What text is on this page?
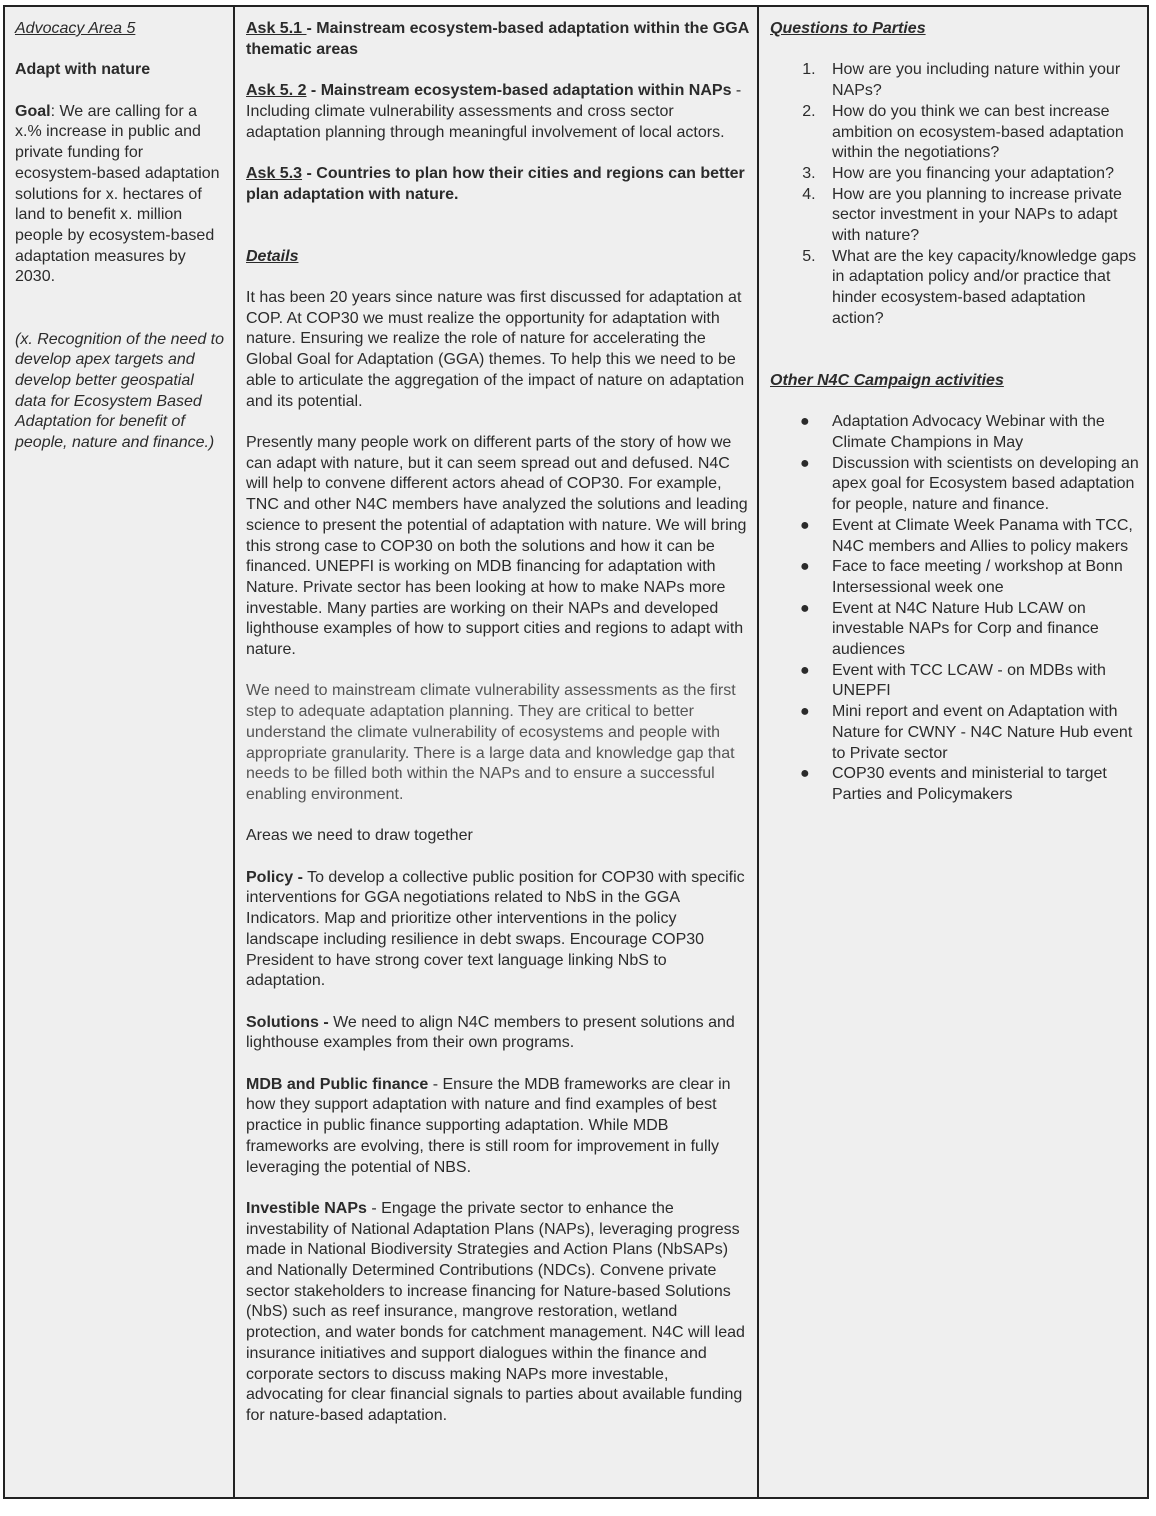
Advocacy Area 5

Adapt with nature

Goal: We are calling for a x.% increase in public and private funding for ecosystem-based adaptation solutions for x. hectares of land to benefit x. million people by ecosystem-based adaptation measures by 2030.

(x. Recognition of the need to develop apex targets and develop better geospatial data for Ecosystem Based Adaptation for benefit of people, nature and finance.)

Ask 5.1 - Mainstream ecosystem-based adaptation within the GGA thematic areas

Ask 5. 2 - Mainstream ecosystem-based adaptation within NAPs - Including climate vulnerability assessments and cross sector adaptation planning through meaningful involvement of local actors.

Ask 5.3 - Countries to plan how their cities and regions can better plan adaptation with nature.

Details

It has been 20 years since nature was first discussed for adaptation at COP. At COP30 we must realize the opportunity for adaptation with nature. Ensuring we realize the role of nature for accelerating the Global Goal for Adaptation (GGA) themes. To help this we need to be able to articulate the aggregation of the impact of nature on adaptation and its potential.

Presently many people work on different parts of the story of how we can adapt with nature, but it can seem spread out and defused. N4C will help to convene different actors ahead of COP30. For example, TNC and other N4C members have analyzed the solutions and leading science to present the potential of adaptation with nature. We will bring this strong case to COP30 on both the solutions and how it can be financed. UNEPFI is working on MDB financing for adaptation with Nature. Private sector has been looking at how to make NAPs more investable. Many parties are working on their NAPs and developed lighthouse examples of how to support cities and regions to adapt with nature.

We need to mainstream climate vulnerability assessments as the first step to adequate adaptation planning. They are critical to better understand the climate vulnerability of ecosystems and people with appropriate granularity. There is a large data and knowledge gap that needs to be filled both within the NAPs and to ensure a successful enabling environment.

Areas we need to draw together

Policy - To develop a collective public position for COP30 with specific interventions for GGA negotiations related to NbS in the GGA Indicators. Map and prioritize other interventions in the policy landscape including resilience in debt swaps. Encourage COP30 President to have strong cover text language linking NbS to adaptation.

Solutions - We need to align N4C members to present solutions and lighthouse examples from their own programs.

MDB and Public finance - Ensure the MDB frameworks are clear in how they support adaptation with nature and find examples of best practice in public finance supporting adaptation. While MDB frameworks are evolving, there is still room for improvement in fully leveraging the potential of NBS.

Investible NAPs - Engage the private sector to enhance the investability of National Adaptation Plans (NAPs), leveraging progress made in National Biodiversity Strategies and Action Plans (NbSAPs) and Nationally Determined Contributions (NDCs). Convene private sector stakeholders to increase financing for Nature-based Solutions (NbS) such as reef insurance, mangrove restoration, wetland protection, and water bonds for catchment management. N4C will lead insurance initiatives and support dialogues within the finance and corporate sectors to discuss making NAPs more investable, advocating for clear financial signals to parties about available funding for nature-based adaptation.

Questions to Parties

1. How are you including nature within your NAPs?
2. How do you think we can best increase ambition on ecosystem-based adaptation within the negotiations?
3. How are you financing your adaptation?
4. How are you planning to increase private sector investment in your NAPs to adapt with nature?
5. What are the key capacity/knowledge gaps in adaptation policy and/or practice that hinder ecosystem-based adaptation action?

Other N4C Campaign activities

● Adaptation Advocacy Webinar with the Climate Champions in May
● Discussion with scientists on developing an apex goal for Ecosystem based adaptation for people, nature and finance.
● Event at Climate Week Panama with TCC, N4C members and Allies to policy makers
● Face to face meeting / workshop at Bonn Intersessional week one
● Event at N4C Nature Hub LCAW on investable NAPs for Corp and finance audiences
● Event with TCC LCAW - on MDBs with UNEPFI
● Mini report and event on Adaptation with Nature for CWNY - N4C Nature Hub event to Private sector
● COP30 events and ministerial to target Parties and Policymakers
